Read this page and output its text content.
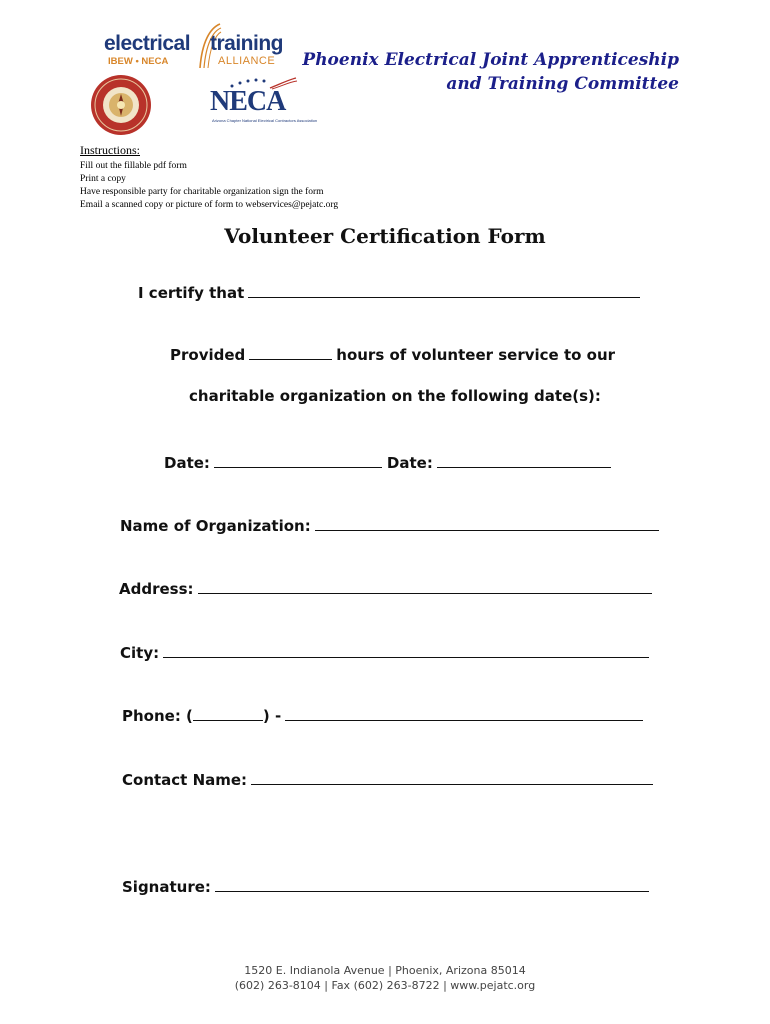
electrical training
IBEW • NECA	ALLIANCE
NECA
Arizona Chapter National Electrical Contractors Association
Phoenix Electrical Joint Apprenticeship
and Training Committee
Instructions:
Fill out the fillable pdf form
Print a copy
Have responsible party for charitable organization sign the form
Email a scanned copy or picture of form to webservices@pejatc.org
Volunteer Certification Form
I certify that
Provided	hours of volunteer service to our
charitable organization on the following date(s):
Date:	Date:
Name of Organization:
Address:
City:
Phone: (	) -
Contact Name:
Signature:
1520 E. Indianola Avenue | Phoenix, Arizona 85014
(602) 263-8104 | Fax (602) 263-8722 | www.pejatc.org
